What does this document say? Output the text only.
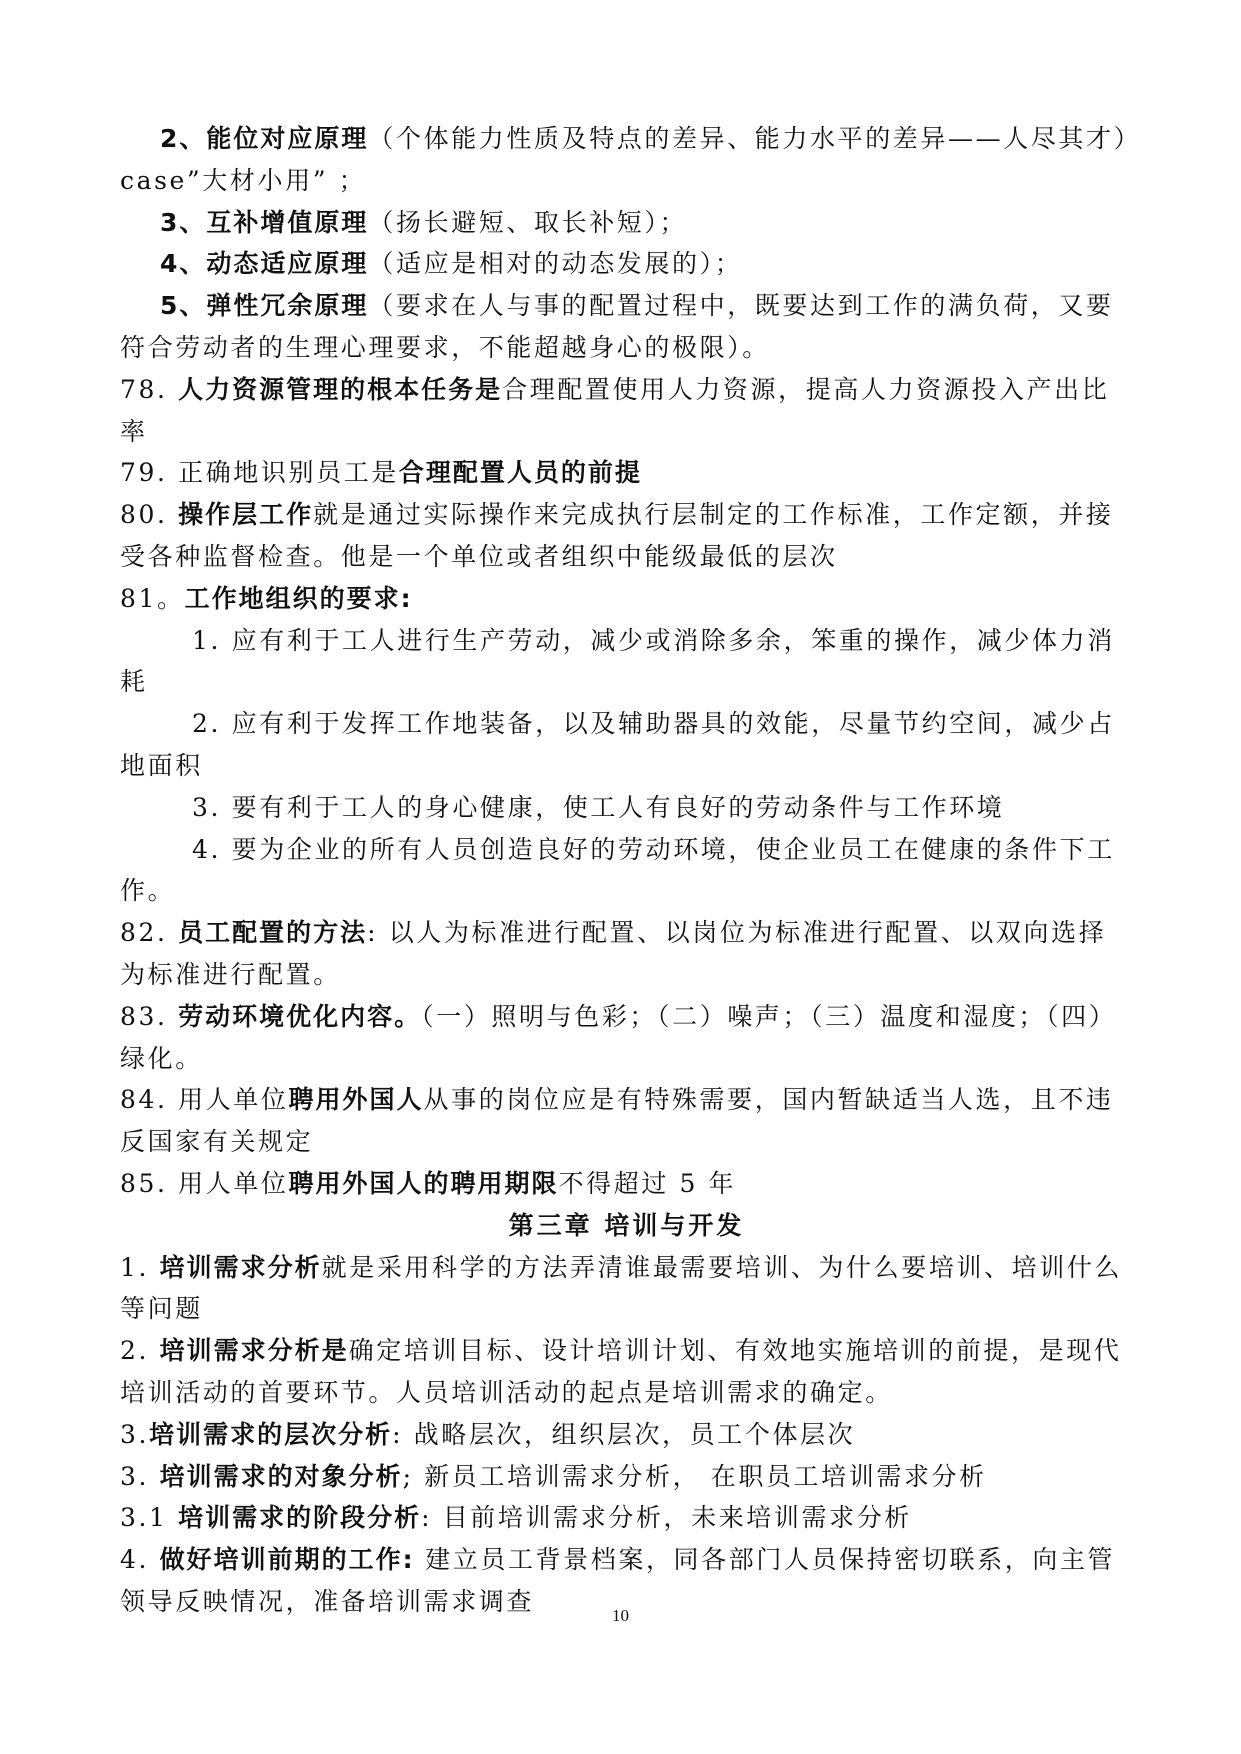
2、能位对应原理（个体能力性质及特点的差异、能力水平的差异——人尽其才）case”大材小用” ；

3、互补增值原理（扬长避短、取长补短）；

4、动态适应原理（适应是相对的动态发展的）；

5、弹性冗余原理（要求在人与事的配置过程中，既要达到工作的满负荷，又要符合劳动者的生理心理要求，不能超越身心的极限）。

78. 人力资源管理的根本任务是合理配置使用人力资源，提高人力资源投入产出比率

79. 正确地识别员工是合理配置人员的前提

80. 操作层工作就是通过实际操作来完成执行层制定的工作标准，工作定额，并接受各种监督检查。他是一个单位或者组织中能级最低的层次

81。工作地组织的要求:

1. 应有利于工人进行生产劳动，减少或消除多余，笨重的操作，减少体力消耗

2. 应有利于发挥工作地装备，以及辅助器具的效能，尽量节约空间，减少占地面积

3. 要有利于工人的身心健康，使工人有良好的劳动条件与工作环境

4. 要为企业的所有人员创造良好的劳动环境，使企业员工在健康的条件下工作。

82. 员工配置的方法: 以人为标准进行配置、以岗位为标准进行配置、以双向选择为标准进行配置。

83. 劳动环境优化内容。（一）照明与色彩；（二）噪声；（三）温度和湿度；（四）绿化。

84. 用人单位聘用外国人从事的岗位应是有特殊需要，国内暂缺适当人选，且不违反国家有关规定

85. 用人单位聘用外国人的聘用期限不得超过 5 年

第三章 培训与开发

1. 培训需求分析就是采用科学的方法弄清谁最需要培训、为什么要培训、培训什么等问题

2. 培训需求分析是确定培训目标、设计培训计划、有效地实施培训的前提，是现代培训活动的首要环节。人员培训活动的起点是培训需求的确定。

3.培训需求的层次分析: 战略层次，组织层次，员工个体层次

3. 培训需求的对象分析; 新员工培训需求分析， 在职员工培训需求分析

3.1 培训需求的阶段分析: 目前培训需求分析，未来培训需求分析

4. 做好培训前期的工作: 建立员工背景档案，同各部门人员保持密切联系，向主管领导反映情况，准备培训需求调查	10
